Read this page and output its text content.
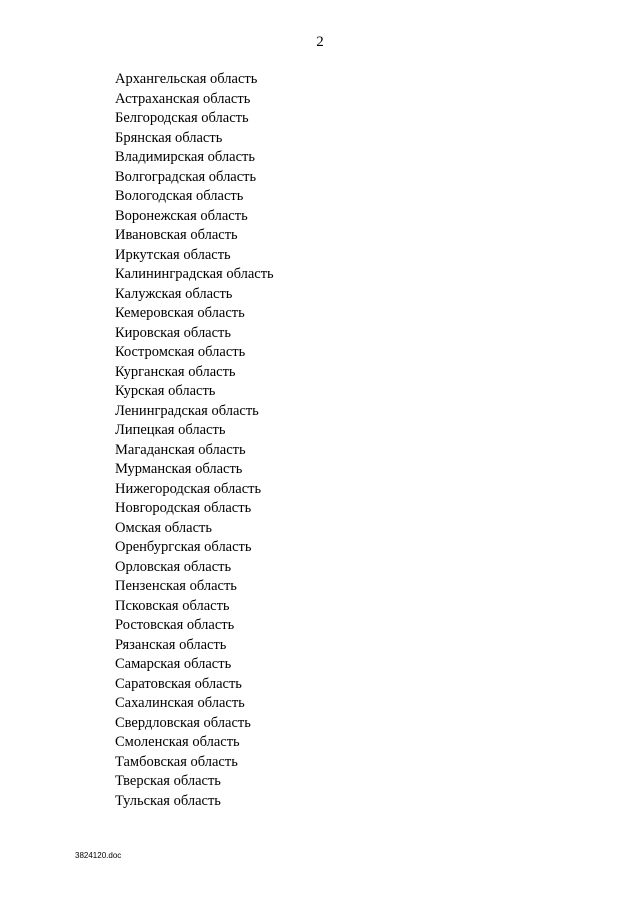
2
Архангельская область
Астраханская область
Белгородская область
Брянская область
Владимирская область
Волгоградская область
Вологодская область
Воронежская область
Ивановская область
Иркутская область
Калининградская область
Калужская область
Кемеровская область
Кировская область
Костромская область
Курганская область
Курская область
Ленинградская область
Липецкая область
Магаданская область
Мурманская область
Нижегородская область
Новгородская область
Омская область
Оренбургская область
Орловская область
Пензенская область
Псковская область
Ростовская область
Рязанская область
Самарская область
Саратовская область
Сахалинская область
Свердловская область
Смоленская область
Тамбовская область
Тверская область
Тульская область
3824120.doc
